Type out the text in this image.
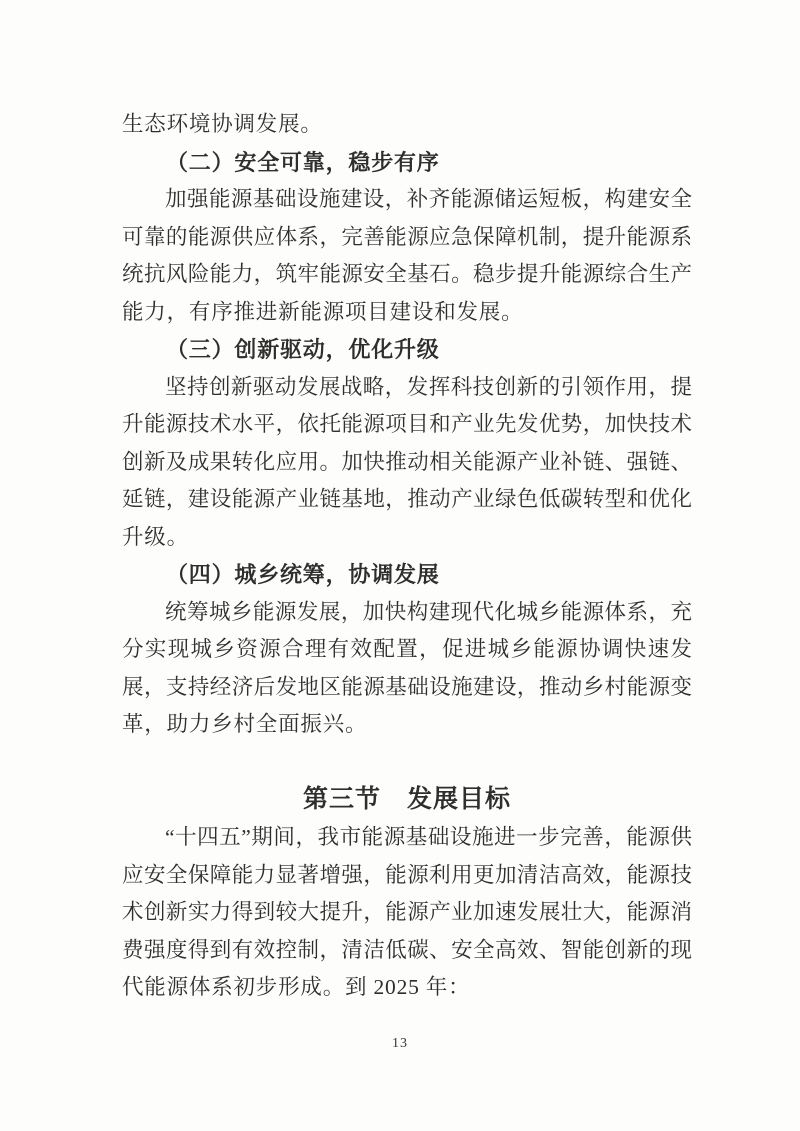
生态环境协调发展。
（二）安全可靠，稳步有序
加强能源基础设施建设，补齐能源储运短板，构建安全
可靠的能源供应体系，完善能源应急保障机制，提升能源系
统抗风险能力，筑牢能源安全基石。稳步提升能源综合生产
能力，有序推进新能源项目建设和发展。
（三）创新驱动，优化升级
坚持创新驱动发展战略，发挥科技创新的引领作用，提
升能源技术水平，依托能源项目和产业先发优势，加快技术
创新及成果转化应用。加快推动相关能源产业补链、强链、
延链，建设能源产业链基地，推动产业绿色低碳转型和优化
升级。
（四）城乡统筹，协调发展
统筹城乡能源发展，加快构建现代化城乡能源体系，充
分实现城乡资源合理有效配置，促进城乡能源协调快速发
展，支持经济后发地区能源基础设施建设，推动乡村能源变
革，助力乡村全面振兴。
第三节　发展目标
“十四五”期间，我市能源基础设施进一步完善，能源供
应安全保障能力显著增强，能源利用更加清洁高效，能源技
术创新实力得到较大提升，能源产业加速发展壮大，能源消
费强度得到有效控制，清洁低碳、安全高效、智能创新的现
代能源体系初步形成。到 2025 年：
13
